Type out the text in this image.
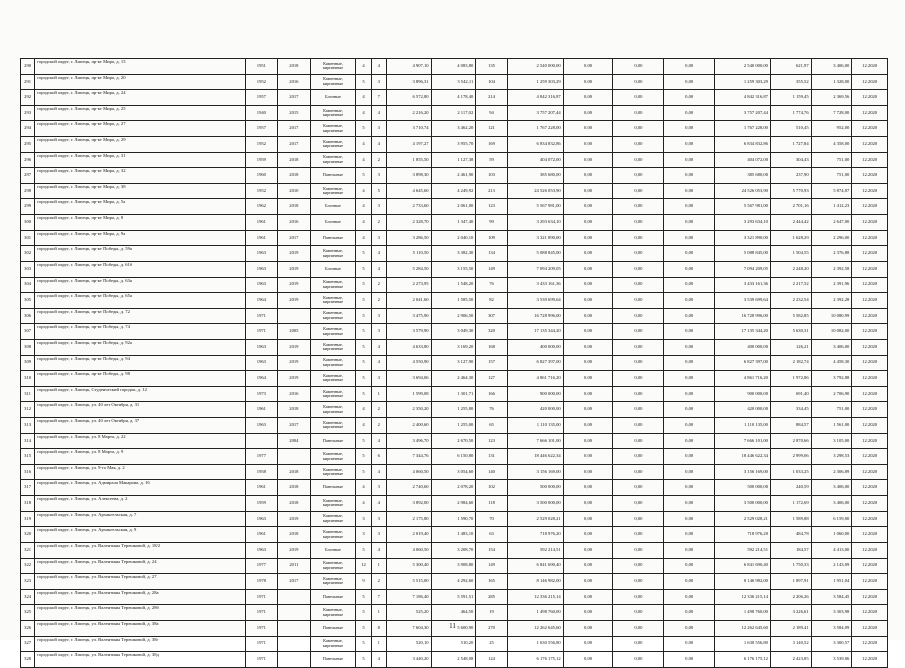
290	городской округ, г. Липецк, пр-кт Мира, д. 15	1951	2018	Каменные, кирпичные	4	4	4 907,10	4 083,80	135	2 540 000,00	0,00	0,00	0,00	2 540 000,00	621,97	3 406,00	12.2020
291	городской округ, г. Липецк, пр-кт Мира, д. 20	1952	2016	Каменные, кирпичные	5	3	3 896,31	3 542,11	104	1 259 303,29	0,00	0,00	0,00	1 259 303,29	355,52	1 328,00	12.2020
292	городской округ, г. Липецк, пр-кт Мира, д. 24	1957	2017	Блочные	4	7	6 572,80	4 178,40	214	4 842 316,87	0,00	0,00	0,00	4 842 316,87	1 159,45	2 369,56	12.2020
293	городской округ, г. Липецк, пр-кт Мира, д. 25	1940	2015	Каменные, кирпичные	4	4	2 216,20	2 117,02	94	3 757 207,44	0,00	0,00	0,00	3 757 207,44	1 774,76	7 728,00	12.2020
294	городской округ, г. Липецк, пр-кт Мира, д. 27	1957	2017	Каменные, кирпичные	5	3	3 710,74	3 462,20	121	1 767 228,00	0,00	0,00	0,00	1 767 228,00	510,45	952,00	12.2020
295	городской округ, г. Липецк, пр-кт Мира, д. 29	1952	2017	Каменные, кирпичные	4	4	4 197,27	3 955,70	169	6 834 832,86	0,00	0,00	0,00	6 834 832,86	1 727,84	4 358,00	12.2020
296	городской округ, г. Липецк, пр-кт Мира, д. 31	1959	2018	Каменные, кирпичные	4	2	1 855,50	1 127,38	59	404 072,00	0,00	0,00	0,00	404 072,00	304,43	751,00	12.2020
297	городской округ, г. Липецк, пр-кт Мира, д. 32	1960	2018	Панельные	5	3	3 898,30	2 461,90	103	385 680,00	0,00	0,00	0,00	385 680,00	237,90	751,00	12.2020
298	городской округ, г. Липецк, пр-кт Мира, д. 38	1952	2010	Каменные, кирпичные	4	5	4 645,60	4 249,92	213	24 526 053,90	0,00	0,00	0,00	24 526 053,90	5 770,93	5 874,07	12.2020
299	городской округ, г. Липецк, пр-кт Мира, д. 5а	1962	2018	Блочные	4	3	2 733,60	2 061,00	123	5 567 981,00	0,00	0,00	0,00	5 567 981,00	2 701,16	1 412,23	12.2020
300	городской округ, г. Липецк, пр-кт Мира, д. 8	1961	2016	Блочные	4	2	2 328,70	1 347,40	99	3 293 634,10	0,00	0,00	0,00	3 293 634,10	2 444,42	2 647,00	12.2020
301	городской округ, г. Липецк, пр-кт Мира, д. 9а	1961	2017	Панельные	4	3	3 286,50	2 040,10	109	3 321 890,00	0,00	0,00	0,00	3 321 890,00	1 628,29	2 296,00	12.2020
302	городской округ, г. Липецк, пр-кт Победы, д. 59а	1963	2019	Каменные, кирпичные	5	4	5 110,50	3 382,30	134	5 088 845,00	0,00	0,00	0,00	5 088 845,00	1 504,55	2 376,88	12.2020
303	городской округ, г. Липецк, пр-кт Победы, д. 61б	1963	2019	Блочные	5	4	5 284,50	3 155,50	149	7 094 209,05	0,00	0,00	0,00	7 094 209,05	2 248,20	2 392,58	12.2020
304	городской округ, г. Липецк, пр-кт Победы, д. 63а	1963	2019	Каменные, кирпичные	5	2	2 273,95	1 548,20	76	3 433 161,36	0,00	0,00	0,00	3 433 161,36	2 217,52	2 391,96	12.2020
305	городской округ, г. Липецк, пр-кт Победы, д. 65а	1964	2019	Каменные, кирпичные	5	2	2 041,60	1 585,50	82	3 539 699,64	0,00	0,00	0,00	3 539 699,64	2 232,54	2 392,28	12.2020
306	городской округ, г. Липецк, пр-кт Победы, д. 72	1971		Каменные, кирпичные	5	3	3 475,90	2 906,50	307	16 728 996,00	0,00	0,00	0,00	16 728 996,00	5 582,85	10 080,99	12.2020
307	городской округ, г. Липецк, пр-кт Победы, д. 74	1971	2005	Каменные, кирпичные	5	3	3 579,90	3 049,30	320	17 135 344,20	0,00	0,00	0,00	17 135 344,20	5 630,31	10 082,00	12.2020
308	городской округ, г. Липецк, пр-кт Победы, д. 92а	1963	2019	Каменные, кирпичные	5	4	4 633,80	3 169,20	168	400 000,00	0,00	0,00	0,00	400 000,00	126,21	3 406,00	12.2020
309	городской округ, г. Липецк, пр-кт Победы, д. 94	1963	2019	Каменные, кирпичные	5	4	4 550,90	3 127,90	157	6 827 397,00	0,00	0,00	0,00	6 827 397,00	2 182,74	4 458,30	12.2020
310	городской округ, г. Липецк, пр-кт Победы, д. 98	1964	2019	Каменные, кирпичные	5	3	3 694,06	2 464,30	127	4 861 716,20	0,00	0,00	0,00	4 861 716,20	1 972,86	3 792,88	12.2020
311	городской округ, г. Липецк, Студенческий городок, д. 12	1973	2016	Каменные, кирпичные	5	1	1 599,08	1 301,71	166	900 000,00	0,00	0,00	0,00	900 000,00	691,40	2 706,90	12.2020
312	городской округ, г. Липецк, ул. 40 лет Октября, д. 31	1961	2018	Каменные, кирпичные	4	2	2 350,20	1 255,80	76	420 000,00	0,00	0,00	0,00	420 000,00	334,45	751,00	12.2020
313	городской округ, г. Липецк, ул. 40 лет Октября, д. 37	1963	2017	Каменные, кирпичные	4	2	2 400,60	1 255,00	65	1 110 135,00	0,00	0,00	0,00	1 110 135,00	884,57	1 561,00	12.2020
314	городской округ, г. Липецк, ул. 8 Марта, д. 22		2004	Панельные	5	4	3 496,70	2 670,50	123	7 666 101,00	0,00	0,00	0,00	7 666 101,00	2 870,66	3 105,00	12.2020
315	городской округ, г. Липецк, ул. 8 Марта, д. 9	1977		Каменные, кирпичные	5	6	7 344,76	6 150,80	131	18 446 622,34	0,00	0,00	0,00	18 446 622,34	2 999,06	3 298,53	12.2020
316	городской округ, г. Липецк, ул. 9-го Мая, д. 2	1958	2018	Каменные, кирпичные	5	4	4 060,50	3 054,60	140	3 156 169,00	0,00	0,00	0,00	3 156 169,00	1 033,25	2 306,89	12.2020
317	городской округ, г. Липецк, ул. Адмирала Макарова, д. 16	1961	2018	Панельные	4	3	2 740,60	2 078,20	102	500 000,00	0,00	0,00	0,00	500 000,00	240,59	3 406,00	12.2020
318	городской округ, г. Липецк, ул. Алексеева, д. 2	1959	2018	Каменные, кирпичные	4	4	3 892,00	2 984,60	118	3 500 000,00	0,00	0,00	0,00	3 500 000,00	1 172,69	3 406,00	12.2020
319	городской округ, г. Липецк, ул. Архангельская, д. 7	1963	2019	Каменные, кирпичные	3	3	2 175,80	1 590,70	70	2 529 028,21	0,00	0,00	0,00	2 529 028,21	1 589,88	6 159,00	12.2020
320	городской округ, г. Липецк, ул. Архангельская, д. 9	1961	2018	Каменные, кирпичные	3	3	2 019,40	1 483,10	63	718 976,20	0,00	0,00	0,00	718 976,20	484,78	1 060,00	12.2020
321	городской округ, г. Липецк, ул. Валентины Терешковой, д. 18/2	1963	2019	Блочные	5	4	4 060,50	3 208,70	154	592 214,51	0,00	0,00	0,00	592 214,51	184,57	4 413,00	12.2020
322	городской округ, г. Липецк, ул. Валентины Терешковой, д. 24	1977	2011	Каменные, кирпичные	12	1	5 300,40	3 908,80	149	6 841 690,40	0,00	0,00	0,00	6 841 690,40	1 750,33	2 143,09	12.2020
323	городской округ, г. Липецк, ул. Валентины Терешковой, д. 27	1978	2017	Каменные, кирпичные	9	2	5 515,00	4 292,60	165	8 146 982,00	0,00	0,00	0,00	8 146 982,00	1 897,91	1 951,04	12.2020
324	городской округ, г. Липецк, ул. Валентины Терешковой, д. 28а	1971		Панельные	5	7	7 186,40	5 591,51	285	12 336 215,14	0,00	0,00	0,00	12 336 215,14	2 206,26	3 584,45	12.2020
325	городской округ, г. Липецк, ул. Валентины Терешковой, д. 28б	1971		Каменные, кирпичные	5	1	525,20	464,50	19	1 498 760,00	0,00	0,00	0,00	1 498 760,00	3 226,61	3 303,98	12.2020
326	городской округ, г. Липецк, ул. Валентины Терешковой, д. 38а	1971		Панельные	5	8	7 604,30	5 600,90	270	12 262 645,60	0,00	0,00	0,00	12 262 645,60	2 189,41	3 584,09	12.2020
327	городской округ, г. Липецк, ул. Валентины Терешковой, д. 38г	1971		Каменные, кирпичные	5	1	520,10	510,20	25	1 630 556,80	0,00	0,00	0,00	1 630 556,80	3 140,52	3 300,57	12.2020
328	городской округ, г. Липецк, ул. Валентины Терешковой, д. 38д	1971		Панельные	5	4	3 440,20	2 548,08	124	6 176 175,12	0,00	0,00	0,00	6 176 175,12	2 423,85	3 539,06	12.2020
11
